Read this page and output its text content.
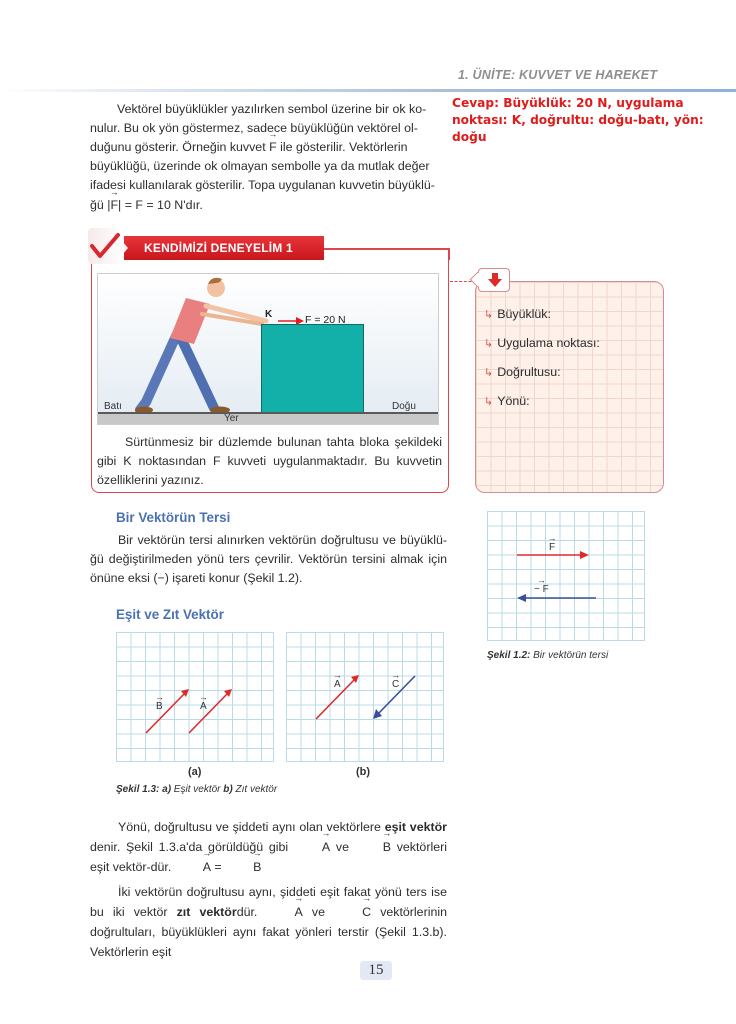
1. ÜNİTE: KUVVET VE HAREKET
Cevap: Büyüklük: 20 N, uygulama noktası: K, doğrultu: doğu-batı, yön: doğu
Vektörel büyüklükler yazılırken sembol üzerine bir ok ko-
nulur. Bu ok yön göstermez, sadece büyüklüğün vektörel ol-
duğunu gösterir. Örneğin kuvvet → F ile gösterilir. Vektörlerin
büyüklüğü, üzerinde ok olmayan sembolle ya da mutlak değer
ifadesi kullanılarak gösterilir. Topa uygulanan kuvvetin büyüklü-
ğü |→ F| = F = 10 N'dır.
KENDİMİZİ DENEYELİM 1
K	F = 20 N
Batı	Doğu
Yer
Sürtünmesiz bir düzlemde bulunan tahta bloka şekildeki gibi K noktasından F kuvveti uygulanmaktadır. Bu kuvvetin özelliklerini yazınız.
↳ Büyüklük:
↳ Uygulama noktası:
↳ Doğrultusu:
↳ Yönü:
Bir Vektörün Tersi
Bir vektörün tersi alınırken vektörün doğrultusu ve büyüklü-ğü değiştirilmeden yönü ters çevrilir. Vektörün tersini almak için önüne eksi (−) işareti konur (Şekil 1.2).
→ F
→ − F
Şekil 1.2: Bir vektörün tersi
Eşit ve Zıt Vektör
→ B	→ A
(a)
→ A	→ C
(b)
Şekil 1.3: a) Eşit vektör b) Zıt vektör
Yönü, doğrultusu ve şiddeti aynı olan vektörlere eşit vektör denir. Şekil 1.3.a'da görüldüğü gibi → A ve → B vektörleri eşit vektör-dür. → A = → B
İki vektörün doğrultusu aynı, şiddeti eşit fakat yönü ters ise bu iki vektör zıt vektördür. → A ve → C vektörlerinin doğrultuları, büyüklükleri aynı fakat yönleri terstir (Şekil 1.3.b). Vektörlerin eşit
15
